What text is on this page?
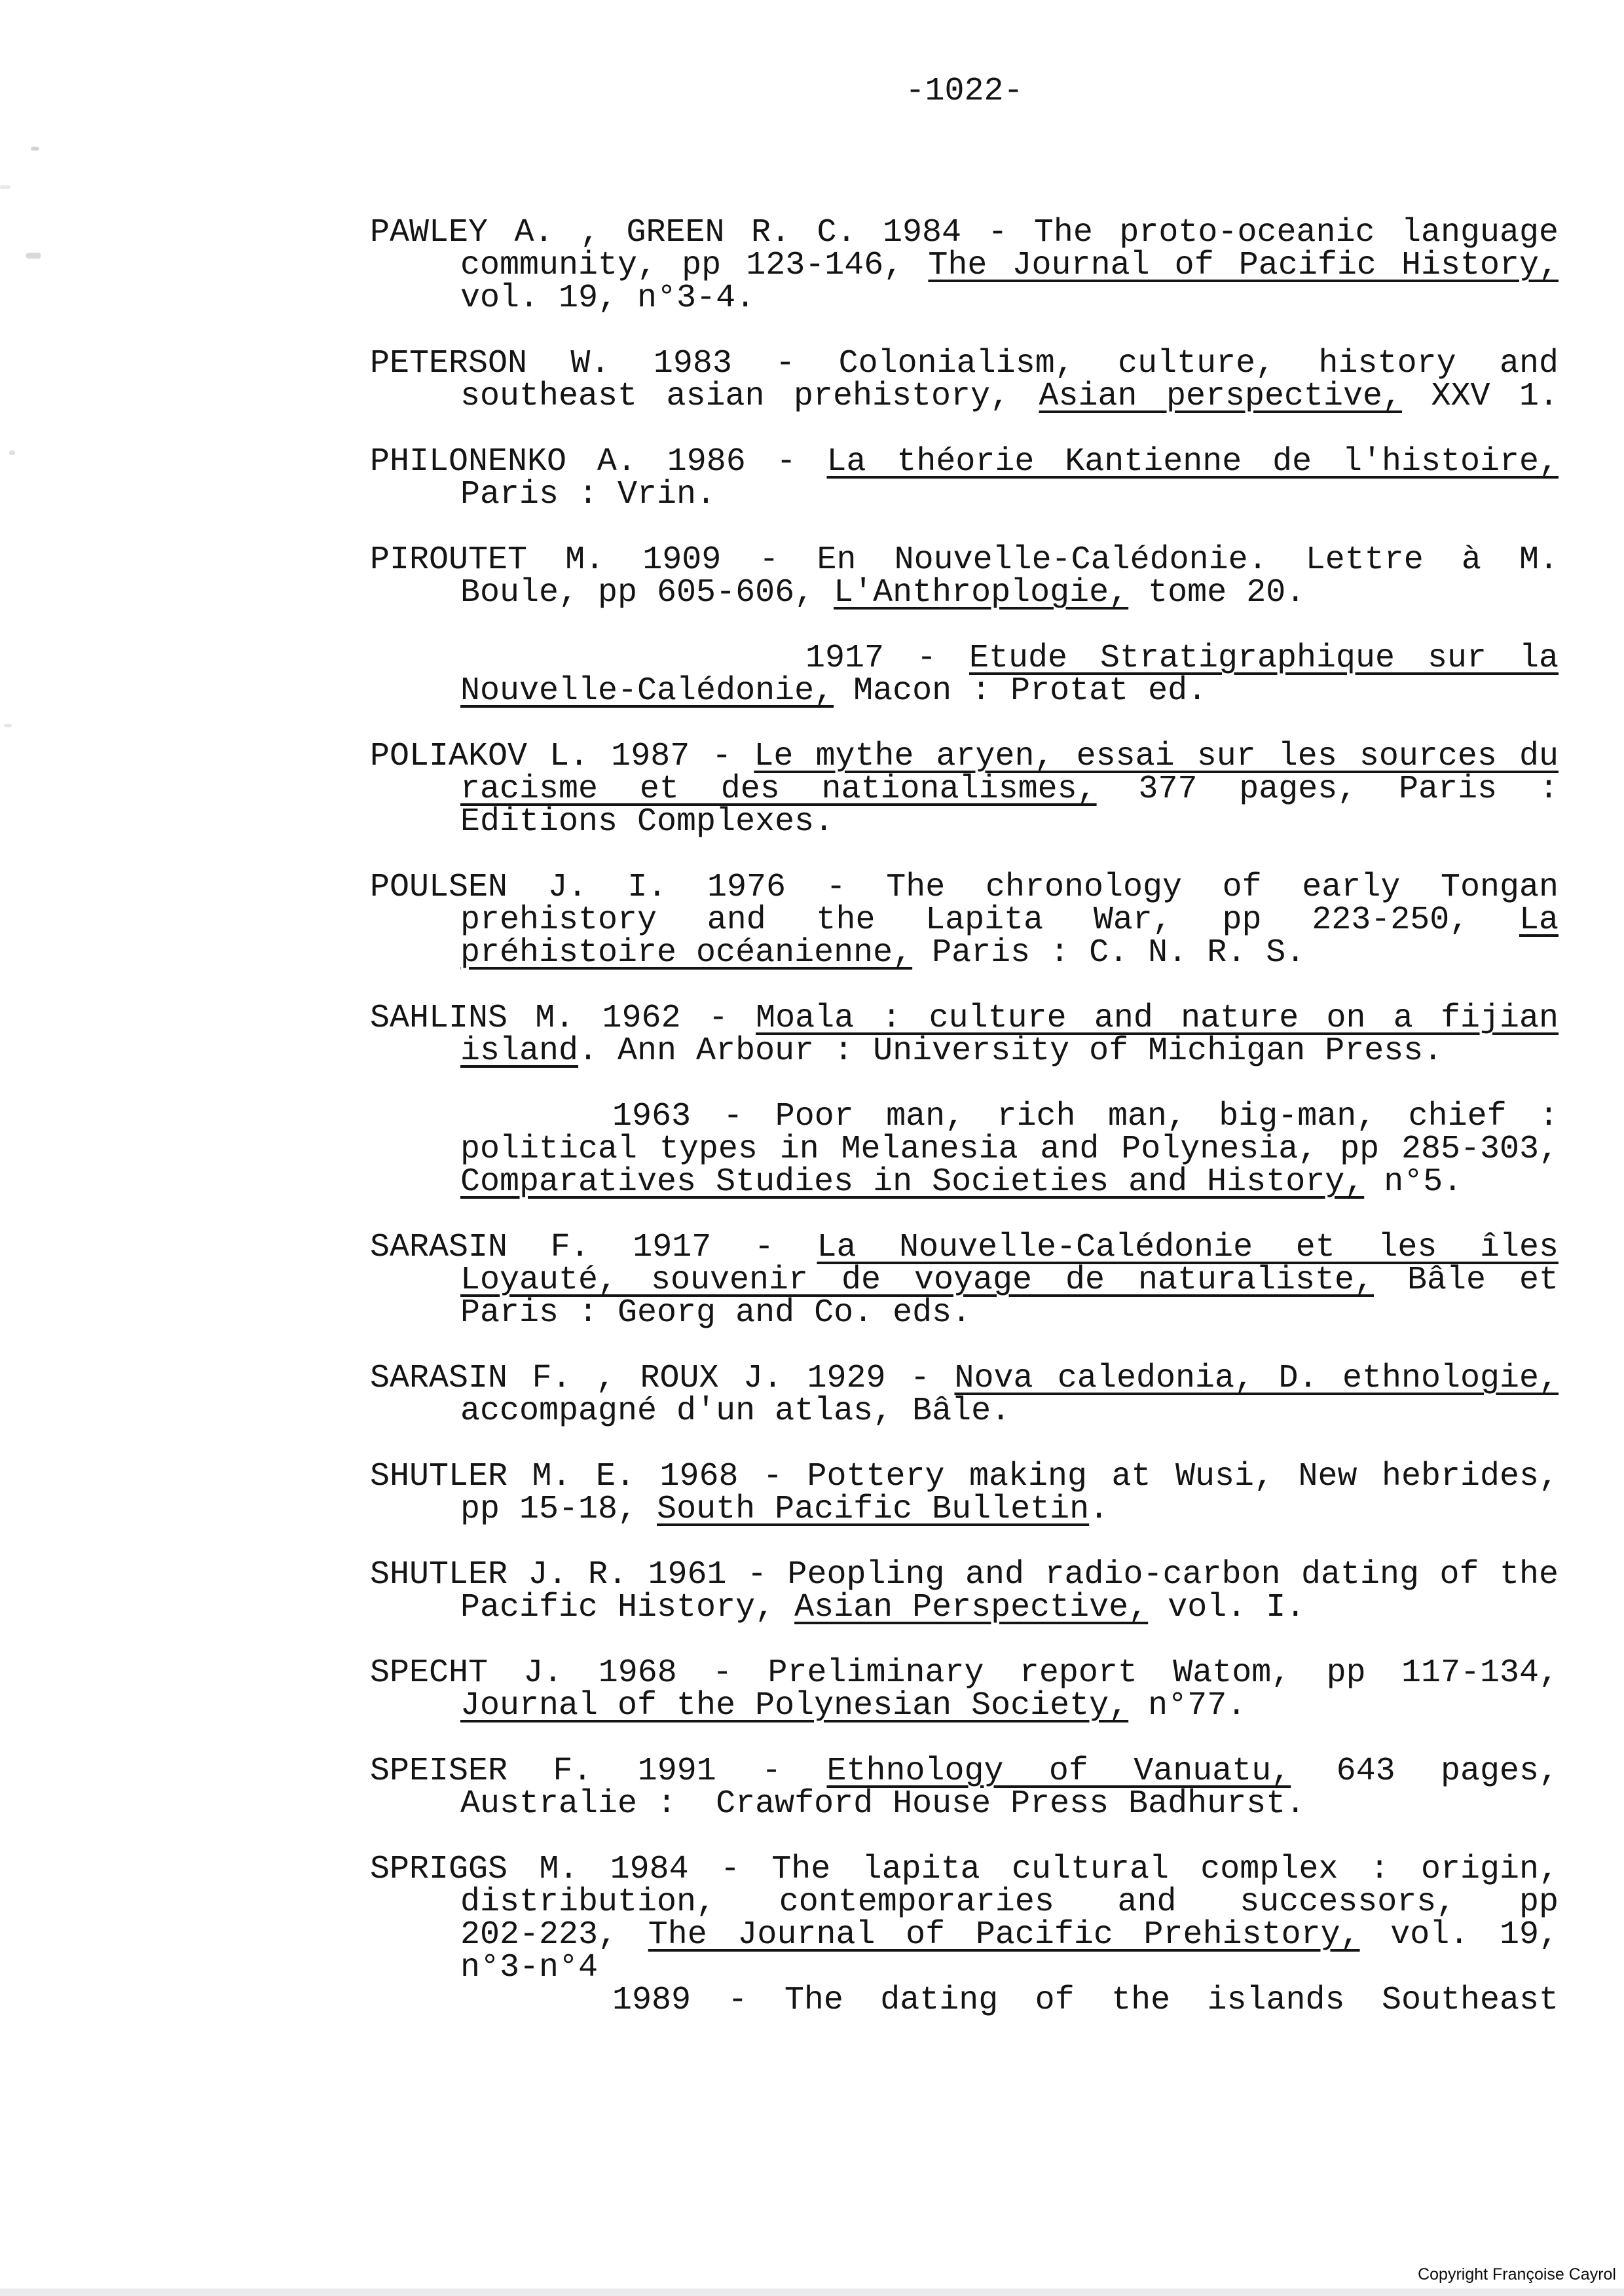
-1022-
PAWLEY A. , GREEN R. C. 1984 - The proto-oceanic language
community, pp 123-146, The Journal of Pacific History,
vol. 19, n°3-4.
PETERSON W. 1983 - Colonialism, culture, history and
southeast asian prehistory, Asian perspective, XXV 1.
PHILONENKO A. 1986 - La théorie Kantienne de l'histoire,
Paris : Vrin.
PIROUTET M. 1909 - En Nouvelle-Calédonie. Lettre à M.
Boule, pp 605-606, L'Anthroplogie, tome 20.
1917 - Etude Stratigraphique sur la
Nouvelle-Calédonie, Macon : Protat ed.
POLIAKOV L. 1987 - Le mythe aryen, essai sur les sources du
racisme et des nationalismes, 377 pages, Paris :
Editions Complexes.
POULSEN J. I. 1976 - The chronology of early Tongan
prehistory and the Lapita War, pp 223-250, La
préhistoire océanienne, Paris : C. N. R. S.
SAHLINS M. 1962 - Moala : culture and nature on a fijian
island. Ann Arbour : University of Michigan Press.
1963 - Poor man, rich man, big-man, chief :
political types in Melanesia and Polynesia, pp 285-303,
Comparatives Studies in Societies and History, n°5.
SARASIN F. 1917 - La Nouvelle-Calédonie et les îles
Loyauté, souvenir de voyage de naturaliste, Bâle et
Paris : Georg and Co. eds.
SARASIN F. , ROUX J. 1929 - Nova caledonia, D. ethnologie,
accompagné d'un atlas, Bâle.
SHUTLER M. E. 1968 - Pottery making at Wusi, New hebrides,
pp 15-18, South Pacific Bulletin.
SHUTLER J. R. 1961 - Peopling and radio-carbon dating of the
Pacific History, Asian Perspective, vol. I.
SPECHT J. 1968 - Preliminary report Watom, pp 117-134,
Journal of the Polynesian Society, n°77.
SPEISER F. 1991 - Ethnology of Vanuatu, 643 pages,
Australie :  Crawford House Press Badhurst.
SPRIGGS M. 1984 - The lapita cultural complex : origin,
distribution, contemporaries and successors, pp
202-223, The Journal of Pacific Prehistory, vol. 19,
n°3-n°4
1989 - The dating of the islands Southeast
Copyright Françoise Cayrol
